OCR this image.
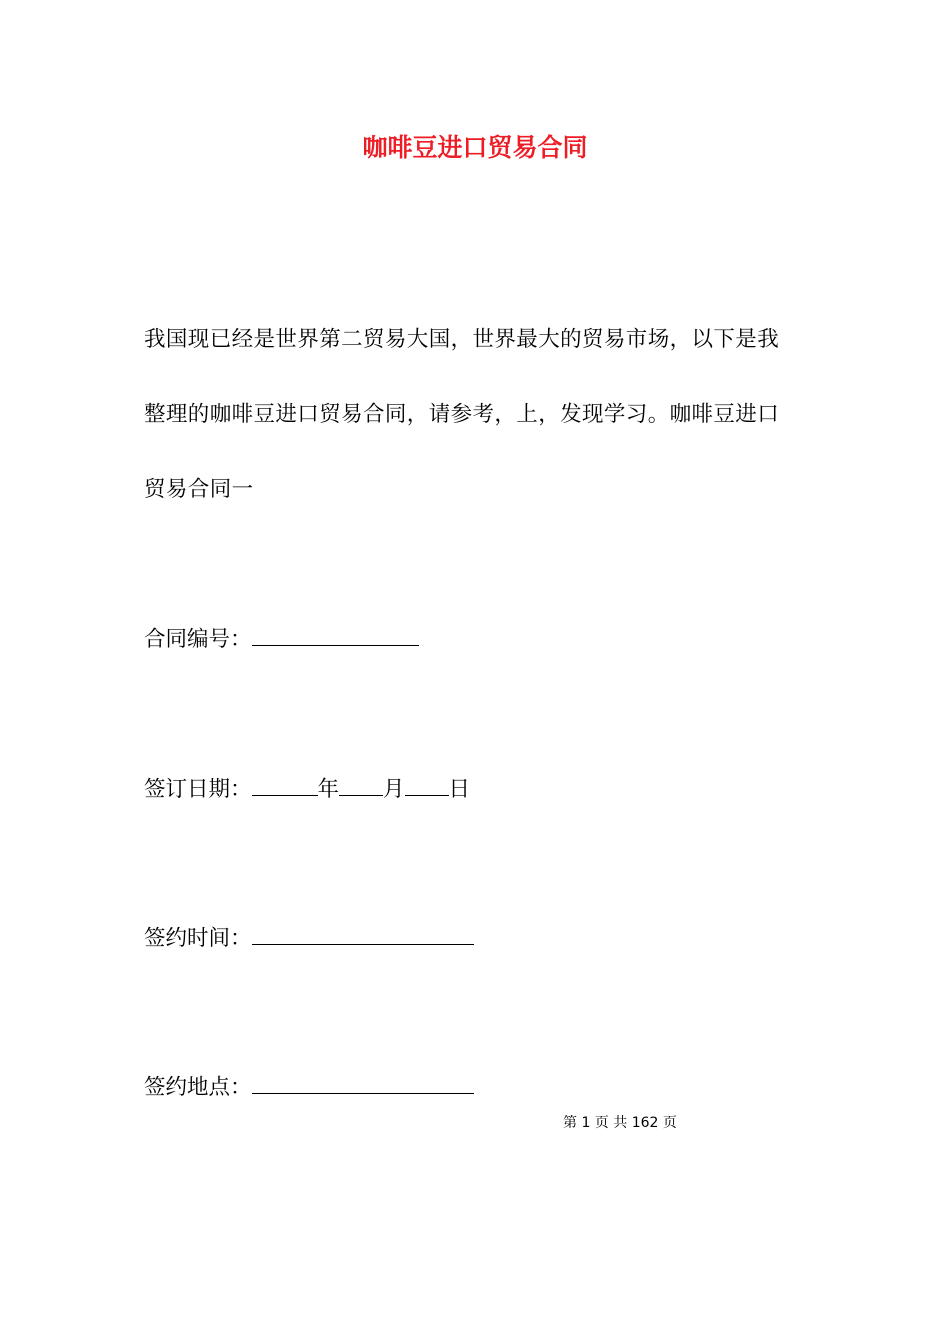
咖啡豆进口贸易合同
我国现已经是世界第二贸易大国，世界最大的贸易市场，以下是我
整理的咖啡豆进口贸易合同，请参考，上，发现学习。咖啡豆进口
贸易合同一
合同编号：
签订日期：	年 月 日
签约时间：
签约地点：
第 1 页 共 162 页
